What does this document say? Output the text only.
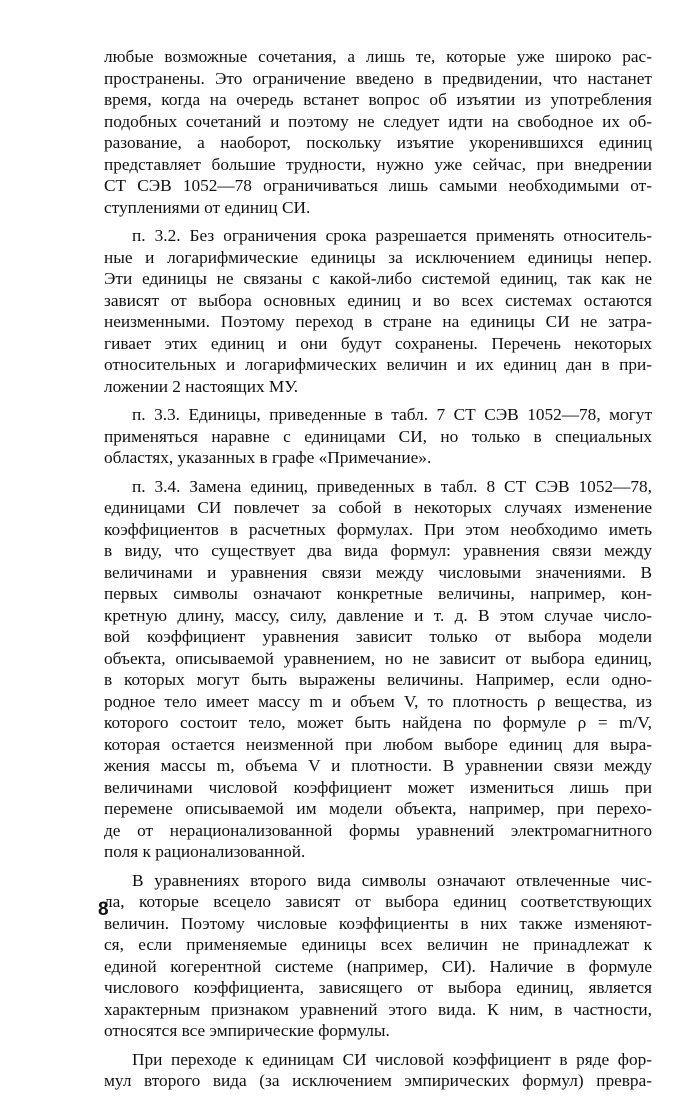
любые возможные сочетания, а лишь те, которые уже широко рас-
пространены. Это ограничение введено в предвидении, что настанет
время, когда на очередь встанет вопрос об изъятии из употребления
подобных сочетаний и поэтому не следует идти на свободное их об-
разование, а наоборот, поскольку изъятие укоренившихся единиц
представляет большие трудности, нужно уже сейчас, при внедрении
СТ СЭВ 1052—78 ограничиваться лишь самыми необходимыми от-
ступлениями от единиц СИ.
п. 3.2. Без ограничения срока разрешается применять относитель-
ные и логарифмические единицы за исключением единицы непер.
Эти единицы не связаны с какой-либо системой единиц, так как не
зависят от выбора основных единиц и во всех системах остаются
неизменными. Поэтому переход в стране на единицы СИ не затра-
гивает этих единиц и они будут сохранены. Перечень некоторых
относительных и логарифмических величин и их единиц дан в при-
ложении 2 настоящих МУ.
п. 3.3. Единицы, приведенные в табл. 7 СТ СЭВ 1052—78, могут
применяться наравне с единицами СИ, но только в специальных
областях, указанных в графе «Примечание».
п. 3.4. Замена единиц, приведенных в табл. 8 СТ СЭВ 1052—78,
единицами СИ повлечет за собой в некоторых случаях изменение
коэффициентов в расчетных формулах. При этом необходимо иметь
в виду, что существует два вида формул: уравнения связи между
величинами и уравнения связи между числовыми значениями. В
первых символы означают конкретные величины, например, кон-
кретную длину, массу, силу, давление и т. д. В этом случае число-
вой коэффициент уравнения зависит только от выбора модели
объекта, описываемой уравнением, но не зависит от выбора единиц,
в которых могут быть выражены величины. Например, если одно-
родное тело имеет массу m и объем V, то плотность ρ вещества, из
которого состоит тело, может быть найдена по формуле ρ = m/V,
которая остается неизменной при любом выборе единиц для выра-
жения массы m, объема V и плотности. В уравнении связи между
величинами числовой коэффициент может измениться лишь при
перемене описываемой им модели объекта, например, при перехо-
де от нерационализованной формы уравнений электромагнитного
поля к рационализованной.
В уравнениях второго вида символы означают отвлеченные чис-
ла, которые всецело зависят от выбора единиц соответствующих
величин. Поэтому числовые коэффициенты в них также изменяют-
ся, если применяемые единицы всех величин не принадлежат к
единой когерентной системе (например, СИ). Наличие в формуле
числового коэффициента, зависящего от выбора единиц, является
характерным признаком уравнений этого вида. К ним, в частности,
относятся все эмпирические формулы.
При переходе к единицам СИ числовой коэффициент в ряде фор-
мул второго вида (за исключением эмпирических формул) превра-
8
